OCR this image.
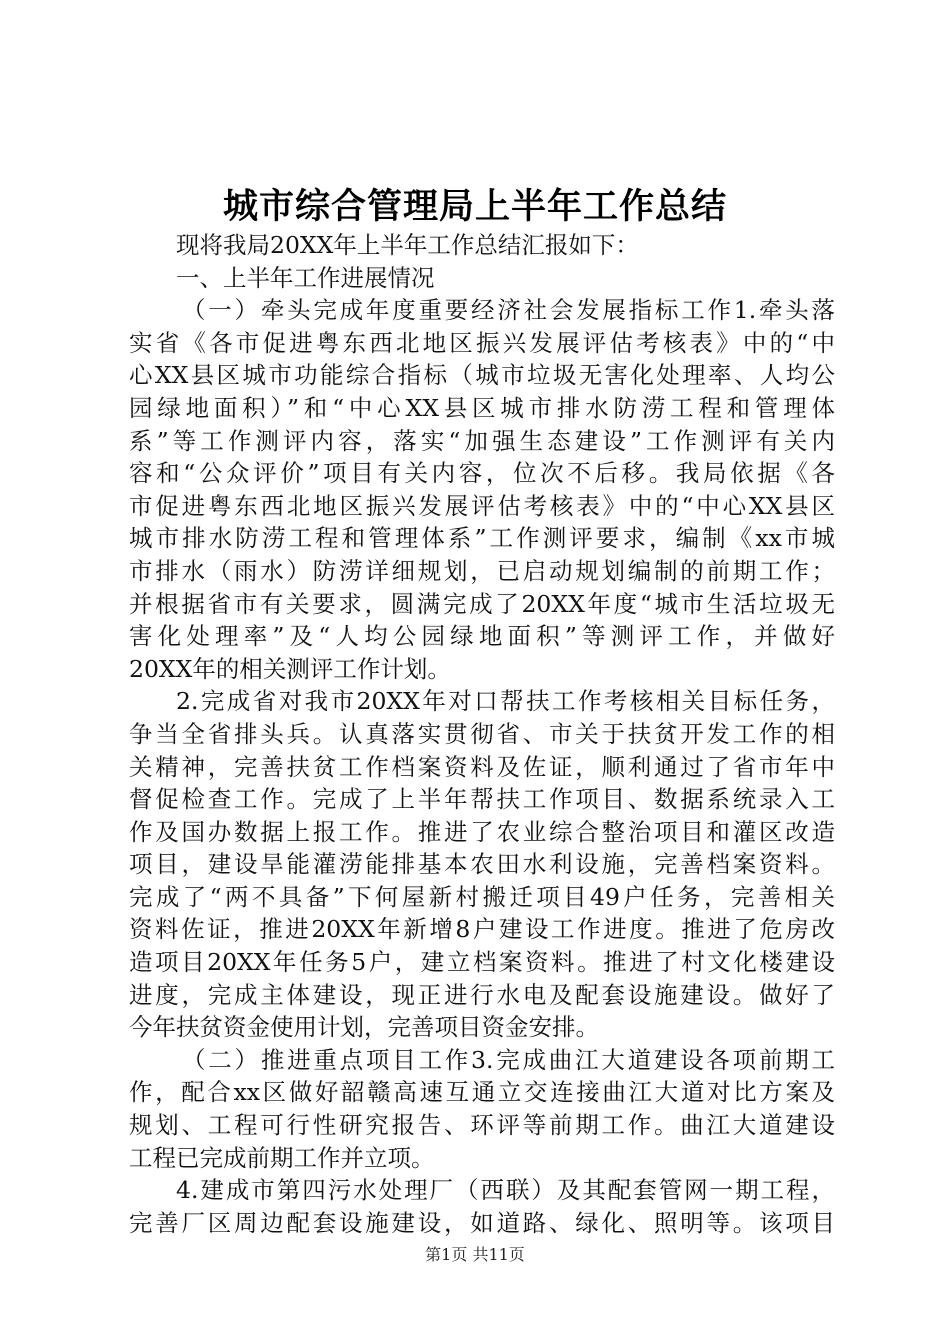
城市综合管理局上半年工作总结
现将我局20XX年上半年工作总结汇报如下：
一、上半年工作进展情况
（一）牵头完成年度重要经济社会发展指标工作1.牵头落
实省《各市促进粤东西北地区振兴发展评估考核表》中的“中
心XX县区城市功能综合指标（城市垃圾无害化处理率、人均公
园绿地面积）”和“中心XX县区城市排水防涝工程和管理体
系”等工作测评内容，落实“加强生态建设”工作测评有关内
容和“公众评价”项目有关内容，位次不后移。我局依据《各
市促进粤东西北地区振兴发展评估考核表》中的“中心XX县区
城市排水防涝工程和管理体系”工作测评要求，编制《xx市城
市排水（雨水）防涝详细规划，已启动规划编制的前期工作；
并根据省市有关要求，圆满完成了20XX年度“城市生活垃圾无
害化处理率”及“人均公园绿地面积”等测评工作，并做好
20XX年的相关测评工作计划。
2.完成省对我市20XX年对口帮扶工作考核相关目标任务，
争当全省排头兵。认真落实贯彻省、市关于扶贫开发工作的相
关精神，完善扶贫工作档案资料及佐证，顺利通过了省市年中
督促检查工作。完成了上半年帮扶工作项目、数据系统录入工
作及国办数据上报工作。推进了农业综合整治项目和灌区改造
项目，建设旱能灌涝能排基本农田水利设施，完善档案资料。
完成了“两不具备”下何屋新村搬迁项目49户任务，完善相关
资料佐证，推进20XX年新增8户建设工作进度。推进了危房改
造项目20XX年任务5户，建立档案资料。推进了村文化楼建设
进度，完成主体建设，现正进行水电及配套设施建设。做好了
今年扶贫资金使用计划，完善项目资金安排。
（二）推进重点项目工作3.完成曲江大道建设各项前期工
作，配合xx区做好韶赣高速互通立交连接曲江大道对比方案及
规划、工程可行性研究报告、环评等前期工作。曲江大道建设
工程已完成前期工作并立项。
4.建成市第四污水处理厂（西联）及其配套管网一期工程，
完善厂区周边配套设施建设，如道路、绿化、照明等。该项目
第1页 共11页
